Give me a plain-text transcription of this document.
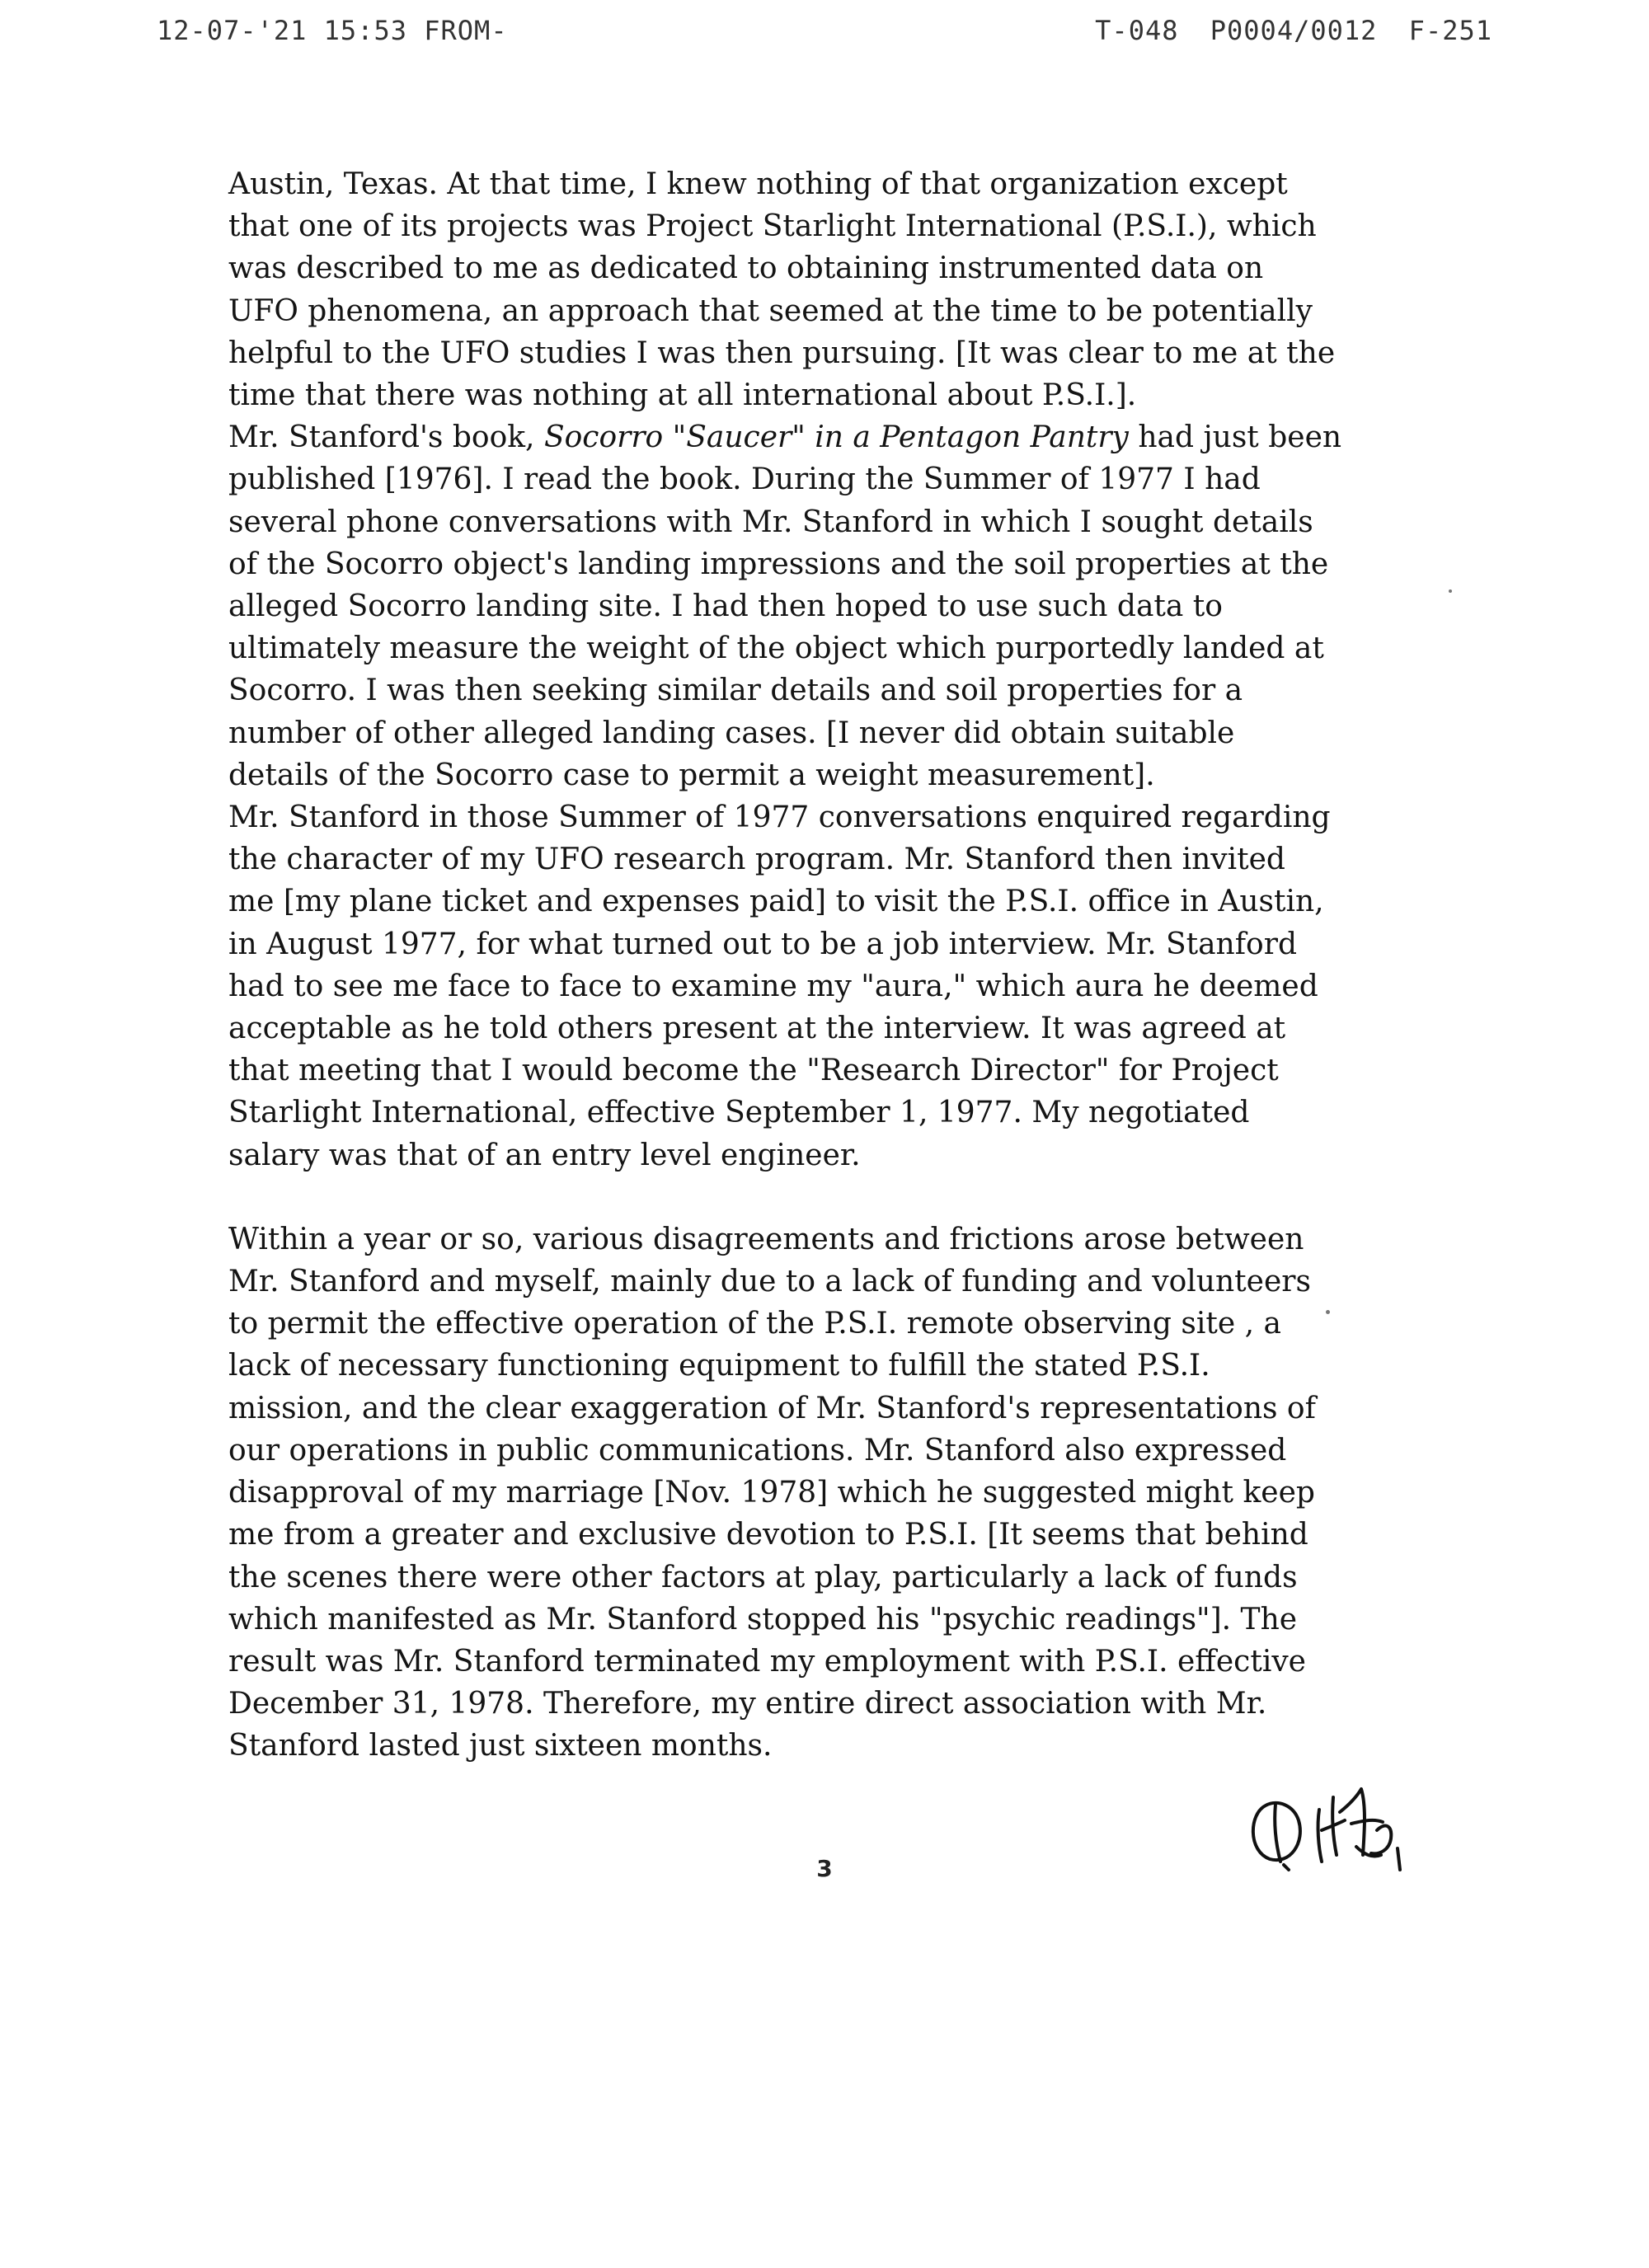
12-07-'21 15:53 FROM-	T-048 P0004/0012 F-251

Austin, Texas. At that time, I knew nothing of that organization except
that one of its projects was Project Starlight International (P.S.I.), which
was described to me as dedicated to obtaining instrumented data on
UFO phenomena, an approach that seemed at the time to be potentially
helpful to the UFO studies I was then pursuing. [It was clear to me at the
time that there was nothing at all international about P.S.I.].

Mr. Stanford's book, Socorro "Saucer" in a Pentagon Pantry had just been
published [1976]. I read the book. During the Summer of 1977 I had
several phone conversations with Mr. Stanford in which I sought details
of the Socorro object's landing impressions and the soil properties at the
alleged Socorro landing site. I had then hoped to use such data to
ultimately measure the weight of the object which purportedly landed at
Socorro. I was then seeking similar details and soil properties for a
number of other alleged landing cases. [I never did obtain suitable
details of the Socorro case to permit a weight measurement].

Mr. Stanford in those Summer of 1977 conversations enquired regarding
the character of my UFO research program. Mr. Stanford then invited
me [my plane ticket and expenses paid] to visit the P.S.I. office in Austin,
in August 1977, for what turned out to be a job interview. Mr. Stanford
had to see me face to face to examine my "aura," which aura he deemed
acceptable as he told others present at the interview. It was agreed at
that meeting that I would become the "Research Director" for Project
Starlight International, effective September 1, 1977. My negotiated
salary was that of an entry level engineer.

Within a year or so, various disagreements and frictions arose between
Mr. Stanford and myself, mainly due to a lack of funding and volunteers
to permit the effective operation of the P.S.I. remote observing site , a
lack of necessary functioning equipment to fulfill the stated P.S.I.
mission, and the clear exaggeration of Mr. Stanford's representations of
our operations in public communications. Mr. Stanford also expressed
disapproval of my marriage [Nov. 1978] which he suggested might keep
me from a greater and exclusive devotion to P.S.I. [It seems that behind
the scenes there were other factors at play, particularly a lack of funds
which manifested as Mr. Stanford stopped his "psychic readings"]. The
result was Mr. Stanford terminated my employment with P.S.I. effective
December 31, 1978. Therefore, my entire direct association with Mr.
Stanford lasted just sixteen months.

3
